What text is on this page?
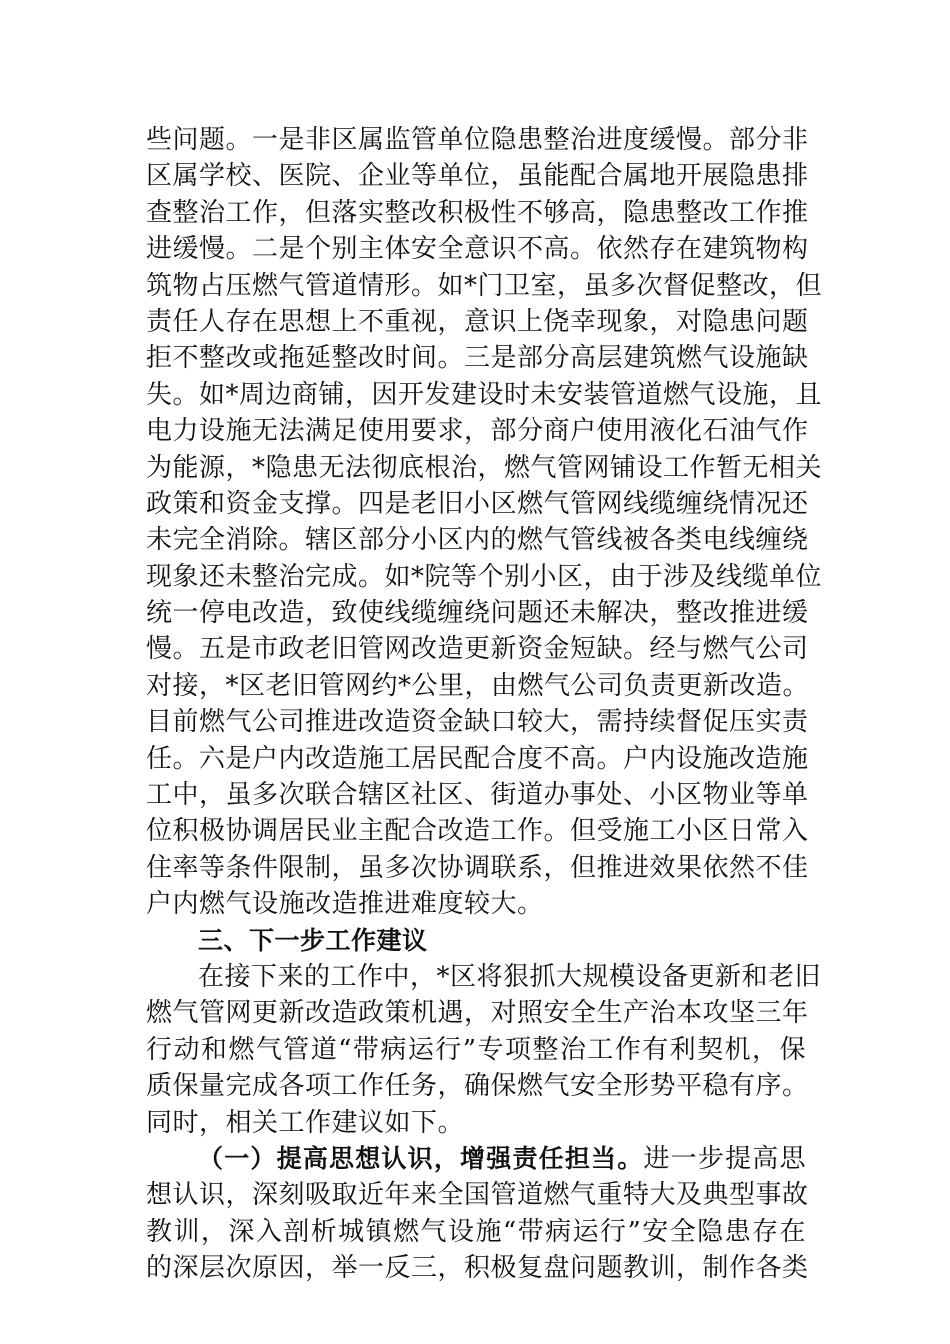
些问题。一是非区属监管单位隐患整治进度缓慢。部分非
区属学校、医院、企业等单位，虽能配合属地开展隐患排
查整治工作，但落实整改积极性不够高，隐患整改工作推
进缓慢。二是个别主体安全意识不高。依然存在建筑物构
筑物占压燃气管道情形。如*门卫室，虽多次督促整改，但
责任人存在思想上不重视，意识上侥幸现象，对隐患问题
拒不整改或拖延整改时间。三是部分高层建筑燃气设施缺
失。如*周边商铺，因开发建设时未安装管道燃气设施，且
电力设施无法满足使用要求，部分商户使用液化石油气作
为能源，*隐患无法彻底根治，燃气管网铺设工作暂无相关
政策和资金支撑。四是老旧小区燃气管网线缆缠绕情况还
未完全消除。辖区部分小区内的燃气管线被各类电线缠绕
现象还未整治完成。如*院等个别小区，由于涉及线缆单位
统一停电改造，致使线缆缠绕问题还未解决，整改推进缓
慢。五是市政老旧管网改造更新资金短缺。经与燃气公司
对接，*区老旧管网约*公里，由燃气公司负责更新改造。
目前燃气公司推进改造资金缺口较大，需持续督促压实责
任。六是户内改造施工居民配合度不高。户内设施改造施
工中，虽多次联合辖区社区、街道办事处、小区物业等单
位积极协调居民业主配合改造工作。但受施工小区日常入
住率等条件限制，虽多次协调联系，但推进效果依然不佳
户内燃气设施改造推进难度较大。
三、下一步工作建议
在接下来的工作中，*区将狠抓大规模设备更新和老旧
燃气管网更新改造政策机遇，对照安全生产治本攻坚三年
行动和燃气管道“带病运行”专项整治工作有利契机，保
质保量完成各项工作任务，确保燃气安全形势平稳有序。
同时，相关工作建议如下。
（一）提高思想认识，增强责任担当。进一步提高思
想认识，深刻吸取近年来全国管道燃气重特大及典型事故
教训，深入剖析城镇燃气设施“带病运行”安全隐患存在
的深层次原因，举一反三，积极复盘问题教训，制作各类
